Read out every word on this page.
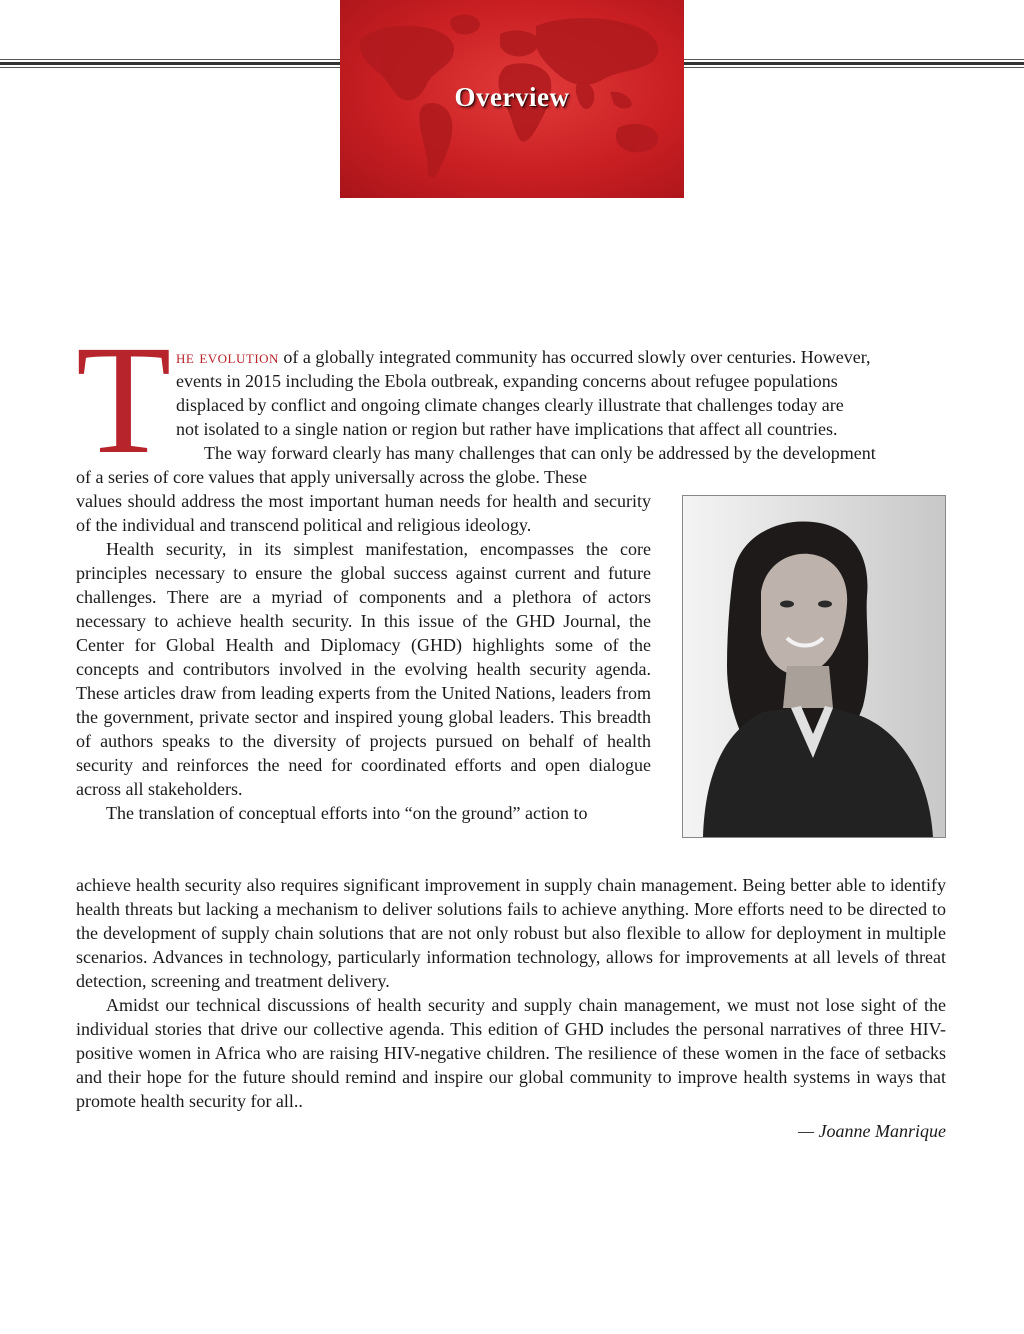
Overview
T he evolution of a globally integrated community has occurred slowly over centuries. However,
events in 2015 including the Ebola outbreak, expanding concerns about refugee populations
displaced by conflict and ongoing climate changes clearly illustrate that challenges today are
not isolated to a single nation or region but rather have implications that affect all countries.
The way forward clearly has many challenges that can only be addressed by the development
of a series of core values that apply universally across the globe. These

values should address the most important human needs for health and security of the individual and transcend political and religious ideology.

Health security, in its simplest manifestation, encompasses the core principles necessary to ensure the global success against current and future challenges. There are a myriad of components and a plethora of actors necessary to achieve health security. In this issue of the GHD Journal, the Center for Global Health and Diplomacy (GHD) highlights some of the concepts and contributors involved in the evolving health security agenda. These articles draw from leading experts from the United Nations, leaders from the government, private sector and inspired young global leaders. This breadth of authors speaks to the diversity of projects pursued on behalf of health security and reinforces the need for coordinated efforts and open dialogue across all stakeholders.

The translation of conceptual efforts into “on the ground” action to

achieve health security also requires significant improvement in supply chain management. Being better able to identify health threats but lacking a mechanism to deliver solutions fails to achieve anything. More efforts need to be directed to the development of supply chain solutions that are not only robust but also flexible to allow for deployment in multiple scenarios. Advances in technology, particularly information technology, allows for improvements at all levels of threat detection, screening and treatment delivery.

Amidst our technical discussions of health security and supply chain management, we must not lose sight of the individual stories that drive our collective agenda. This edition of GHD includes the personal narratives of three HIV-positive women in Africa who are raising HIV-negative children. The resilience of these women in the face of setbacks and their hope for the future should remind and inspire our global community to improve health systems in ways that promote health security for all..

— Joanne Manrique
